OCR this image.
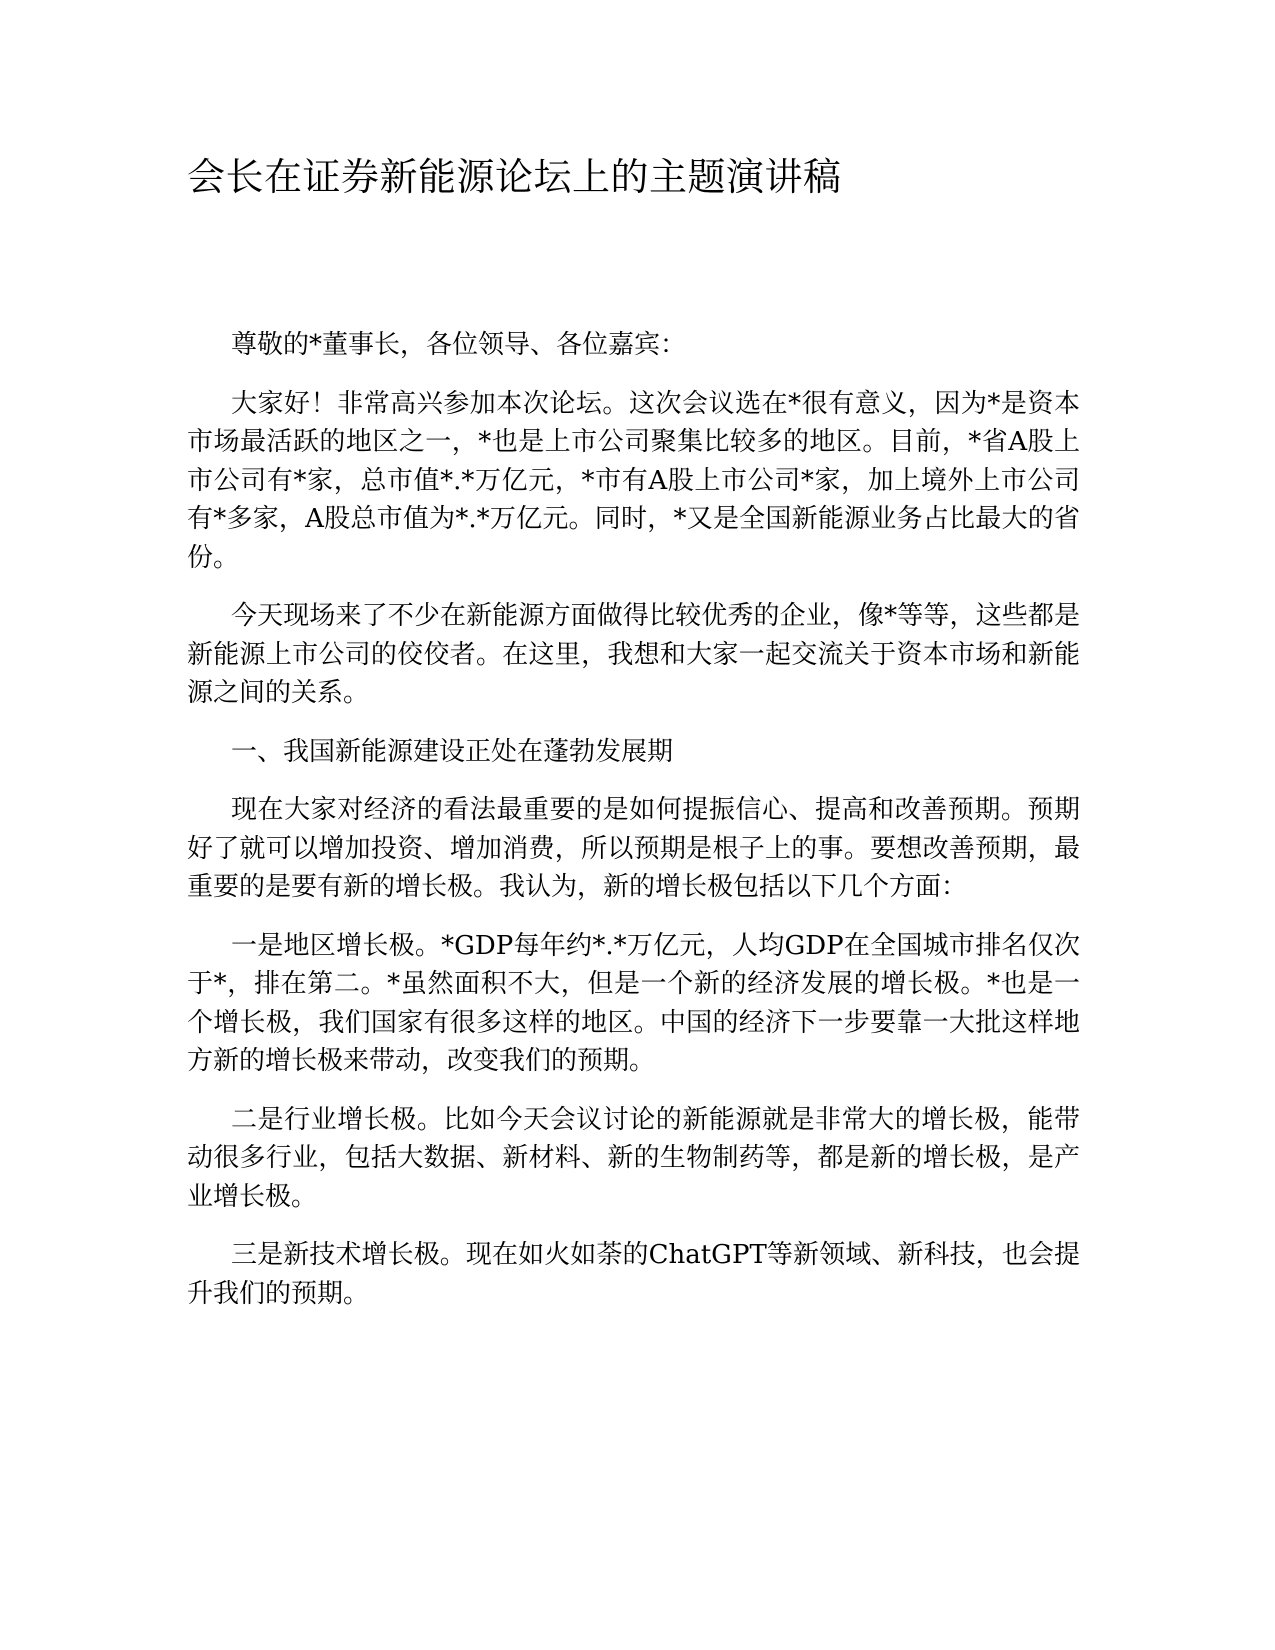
会长在证券新能源论坛上的主题演讲稿

尊敬的*董事长，各位领导、各位嘉宾：

大家好！非常高兴参加本次论坛。这次会议选在*很有意义，因为*是资本市场最活跃的地区之一，*也是上市公司聚集比较多的地区。目前，*省A股上市公司有*家，总市值*.*万亿元，*市有A股上市公司*家，加上境外上市公司有*多家，A股总市值为*.*万亿元。同时，*又是全国新能源业务占比最大的省份。

今天现场来了不少在新能源方面做得比较优秀的企业，像*等等，这些都是新能源上市公司的佼佼者。在这里，我想和大家一起交流关于资本市场和新能源之间的关系。

一、我国新能源建设正处在蓬勃发展期

现在大家对经济的看法最重要的是如何提振信心、提高和改善预期。预期好了就可以增加投资、增加消费，所以预期是根子上的事。要想改善预期，最重要的是要有新的增长极。我认为，新的增长极包括以下几个方面：

一是地区增长极。*GDP每年约*.*万亿元，人均GDP在全国城市排名仅次于*，排在第二。*虽然面积不大，但是一个新的经济发展的增长极。*也是一个增长极，我们国家有很多这样的地区。中国的经济下一步要靠一大批这样地方新的增长极来带动，改变我们的预期。

二是行业增长极。比如今天会议讨论的新能源就是非常大的增长极，能带动很多行业，包括大数据、新材料、新的生物制药等，都是新的增长极，是产业增长极。

三是新技术增长极。现在如火如荼的ChatGPT等新领域、新科技，也会提升我们的预期。
